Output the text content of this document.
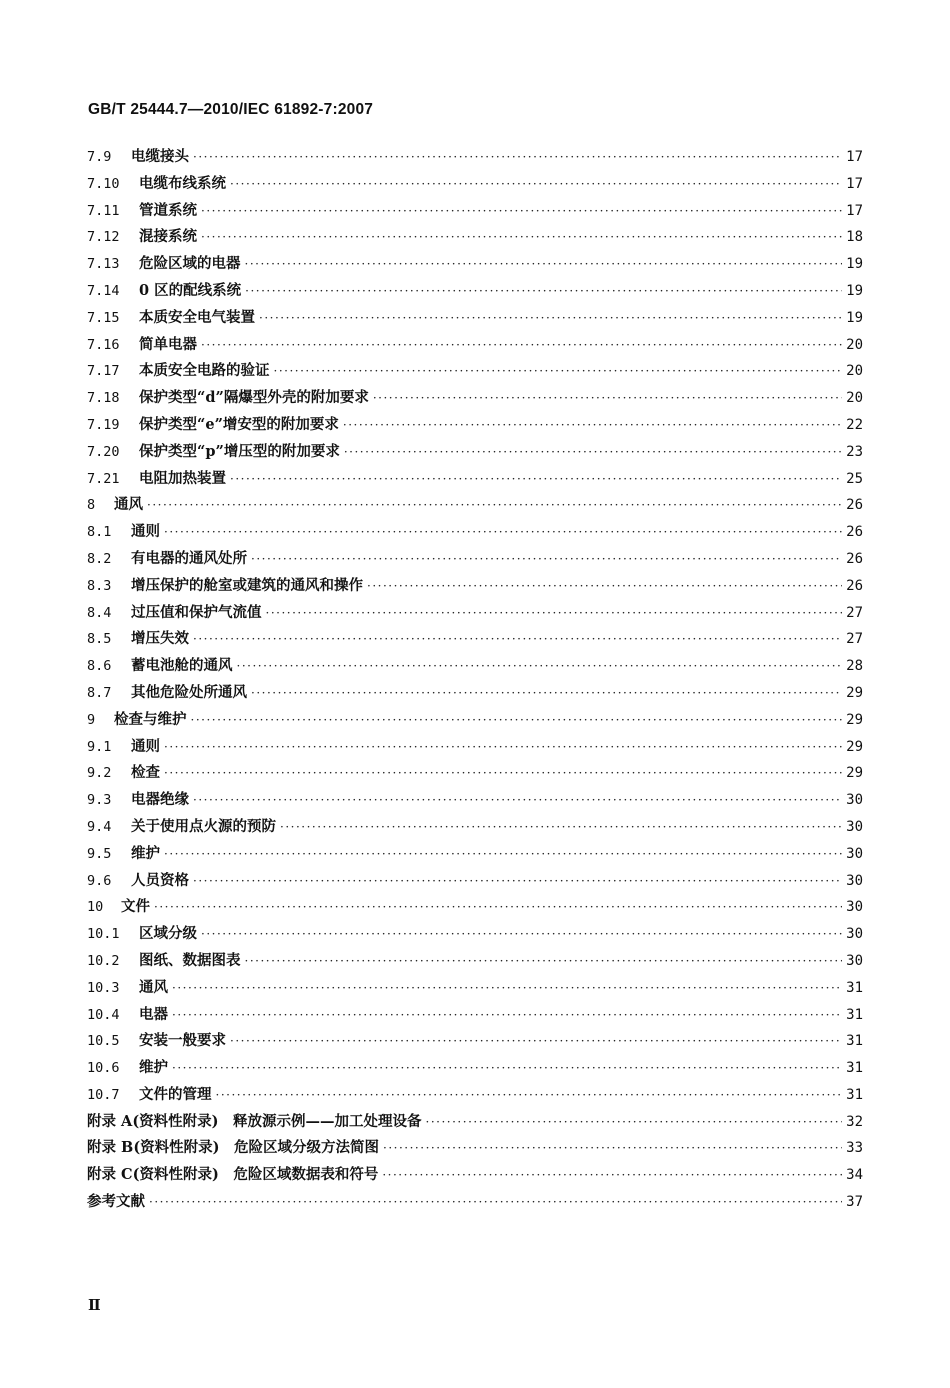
GB/T 25444.7—2010/IEC 61892-7:2007
7.9	电缆接头 ·····	17
7.10	电缆布线系统 ·····	17
7.11	管道系统 ·····	17
7.12	混接系统 ·····	18
7.13	危险区域的电器 ·····	19
7.14	0 区的配线系统 ·····	19
7.15	本质安全电气装置 ·····	19
7.16	简单电器 ·····	20
7.17	本质安全电路的验证 ·····	20
7.18	保护类型“d”隔爆型外壳的附加要求 ·····	20
7.19	保护类型“e”增安型的附加要求 ·····	22
7.20	保护类型“p”增压型的附加要求 ·····	23
7.21	电阻加热装置 ·····	25
8	通风 ·····	26
8.1	通则 ·····	26
8.2	有电器的通风处所 ·····	26
8.3	增压保护的舱室或建筑的通风和操作 ·····	26
8.4	过压值和保护气流值 ·····	27
8.5	增压失效 ·····	27
8.6	蓄电池舱的通风 ·····	28
8.7	其他危险处所通风 ·····	29
9	检查与维护 ·····	29
9.1	通则 ·····	29
9.2	检查 ·····	29
9.3	电器绝缘 ·····	30
9.4	关于使用点火源的预防 ·····	30
9.5	维护 ·····	30
9.6	人员资格 ·····	30
10	文件 ·····	30
10.1	区域分级 ·····	30
10.2	图纸、数据图表 ·····	30
10.3	通风 ·····	31
10.4	电器 ·····	31
10.5	安装一般要求 ·····	31
10.6	维护 ·····	31
10.7	文件的管理 ·····	31
附录 A (资料性附录)　释放源示例——加工处理设备 ·····	32
附录 B (资料性附录)　危险区域分级方法简图 ·····	33
附录 C (资料性附录)　危险区域数据表和符号 ·····	34
参考文献 ·····	37
Ⅱ
